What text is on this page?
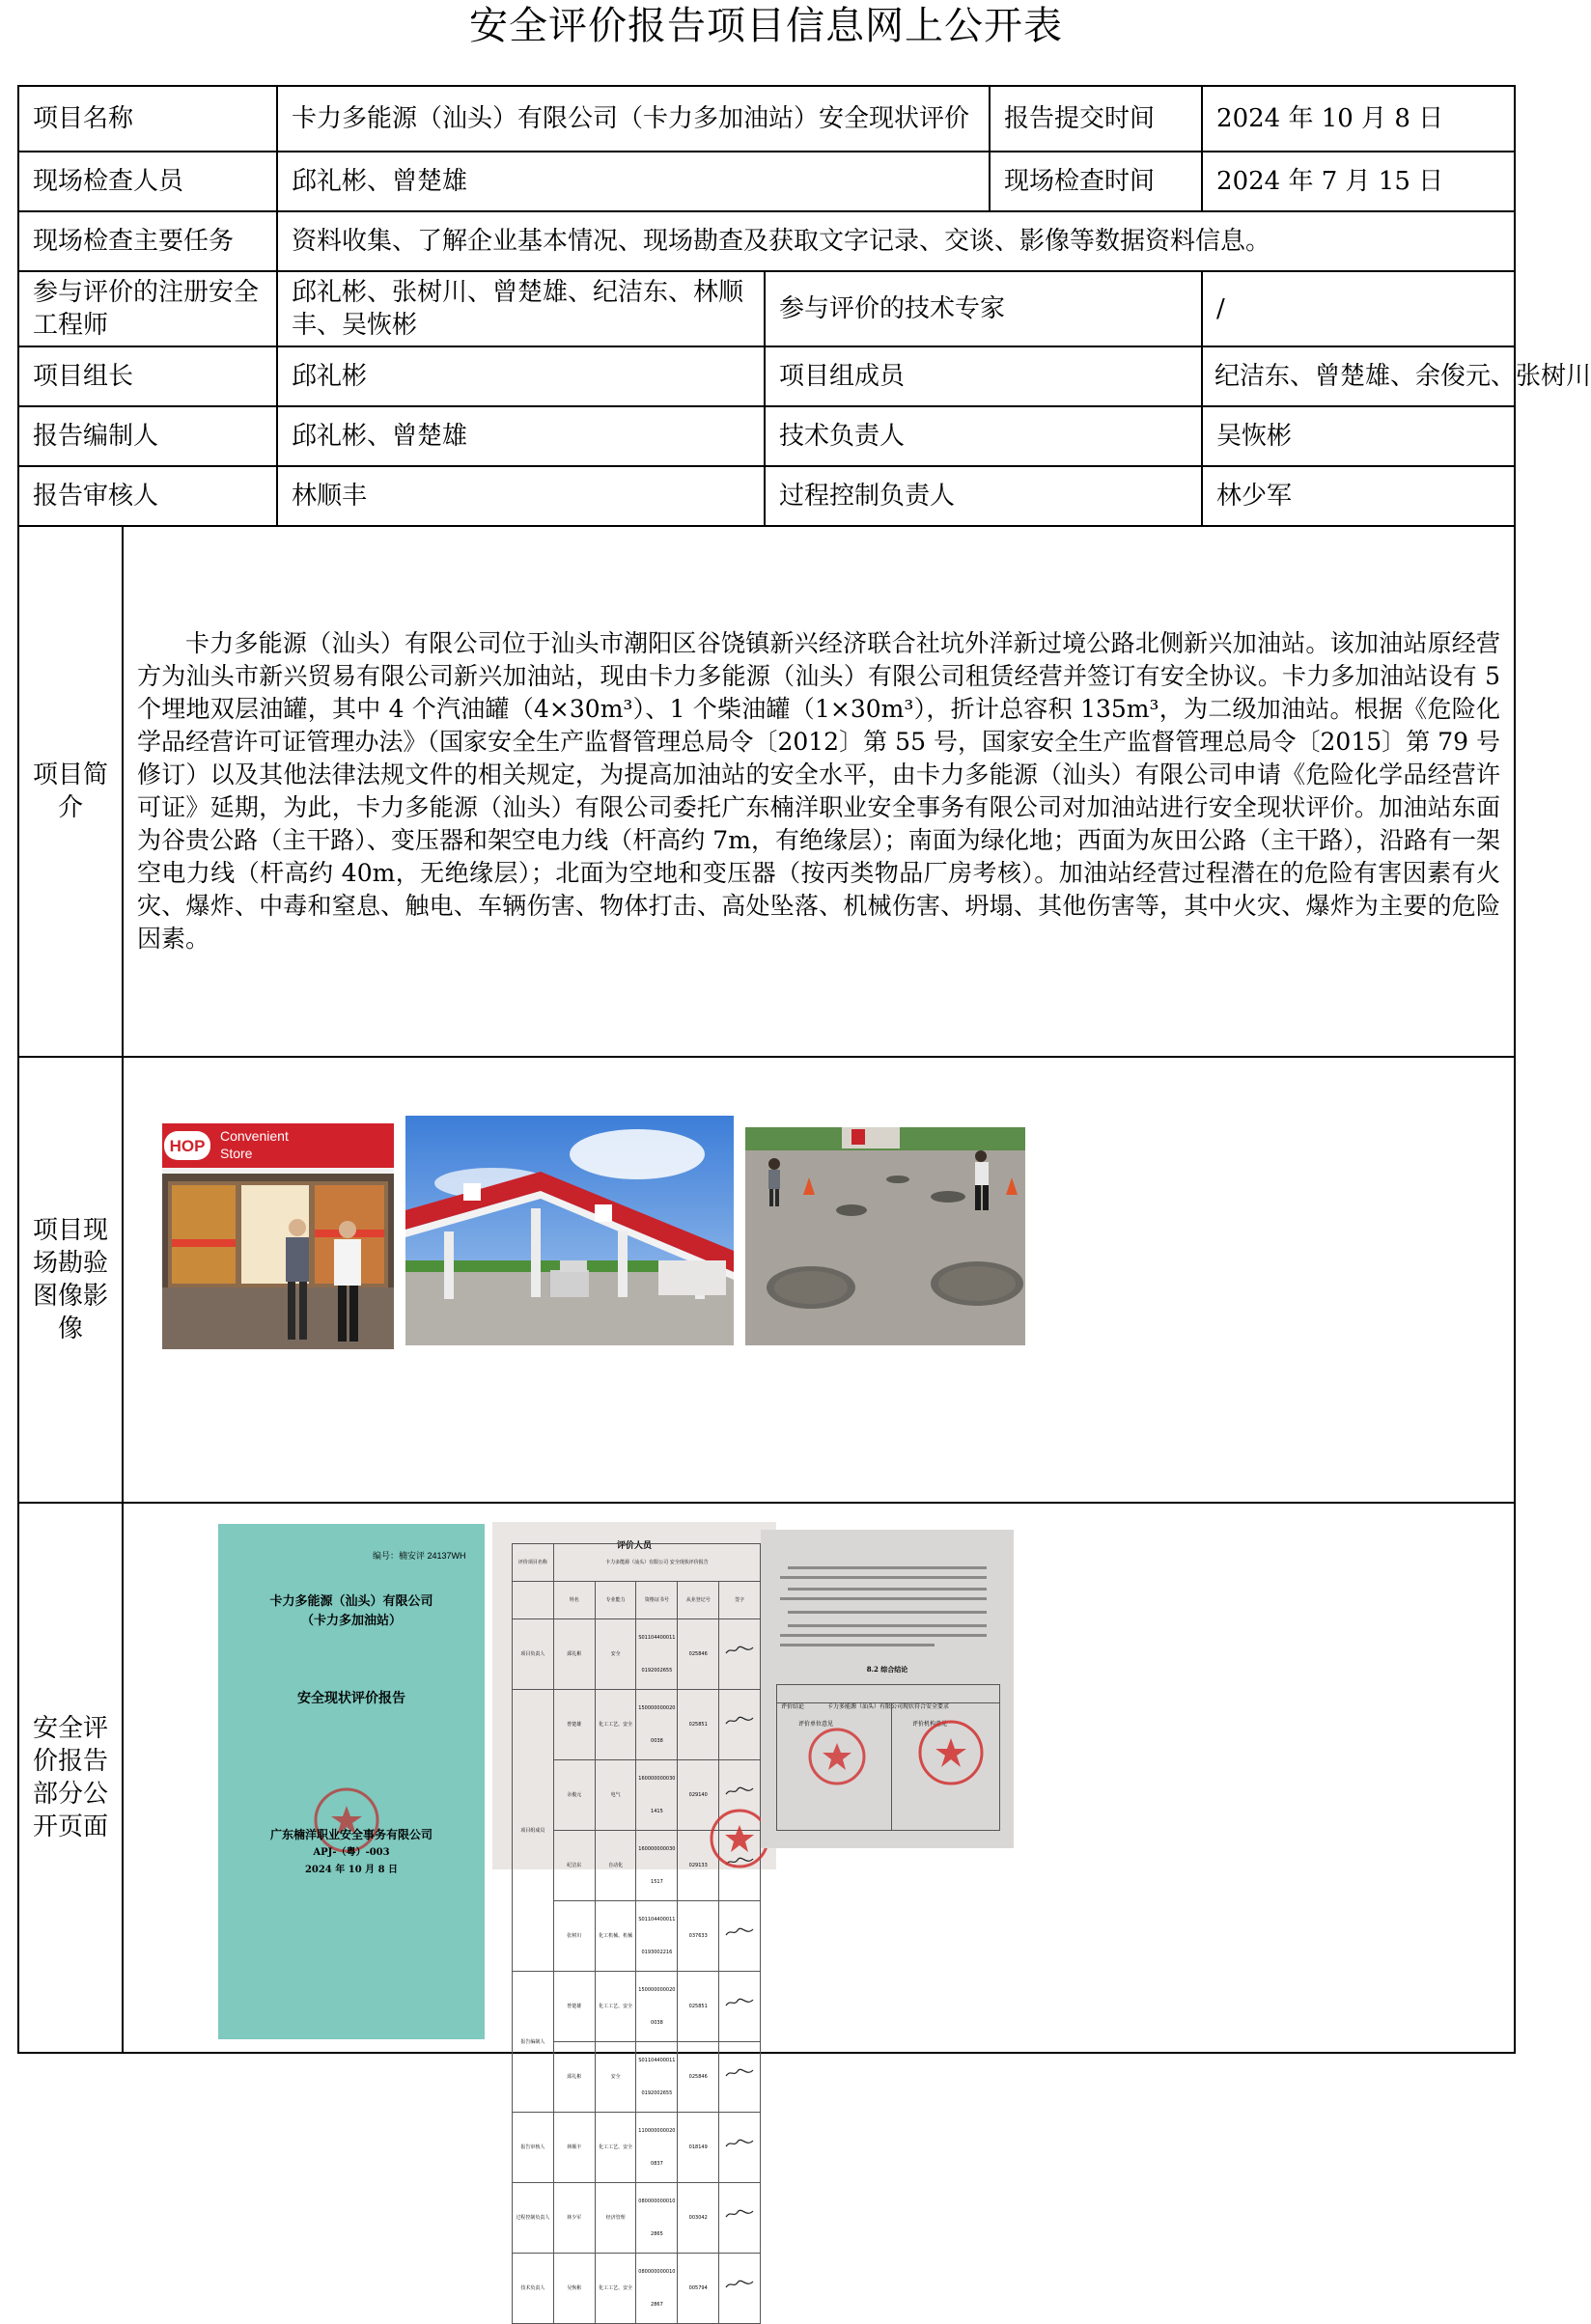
安全评价报告项目信息网上公开表
项目名称	卡力多能源（汕头）有限公司（卡力多加油站）安全现状评价	报告提交时间	2024 年 10 月 8 日
现场检查人员	邱礼彬、曾楚雄	现场检查时间	2024 年 7 月 15 日
现场检查主要任务	资料收集、了解企业基本情况、现场勘查及获取文字记录、交谈、影像等数据资料信息。
参与评价的注册安全工程师	邱礼彬、张树川、曾楚雄、纪洁东、林顺丰、吴恢彬	参与评价的技术专家	/
项目组长	邱礼彬	项目组成员	纪洁东、曾楚雄、余俊元、张树川
报告编制人	邱礼彬、曾楚雄	技术负责人	吴恢彬
报告审核人	林顺丰	过程控制负责人	林少军
项目简介	卡力多能源（汕头）有限公司位于汕头市潮阳区谷饶镇新兴经济联合社坑外洋新过境公路北侧新兴加油站。该加油站原经营方为汕头市新兴贸易有限公司新兴加油站，现由卡力多能源（汕头）有限公司租赁经营并签订有安全协议。卡力多加油站设有 5 个埋地双层油罐，其中 4 个汽油罐（4×30m³）、1 个柴油罐（1×30m³），折计总容积 135m³，为二级加油站。根据《危险化学品经营许可证管理办法》（国家安全生产监督管理总局令〔2012〕第 55 号，国家安全生产监督管理总局令〔2015〕第 79 号修订）以及其他法律法规文件的相关规定，为提高加油站的安全水平，由卡力多能源（汕头）有限公司申请《危险化学品经营许可证》延期，为此，卡力多能源（汕头）有限公司委托广东楠洋职业安全事务有限公司对加油站进行安全现状评价。加油站东面为谷贵公路（主干路）、变压器和架空电力线（杆高约 7m，有绝缘层）；南面为绿化地；西面为灰田公路（主干路），沿路有一架空电力线（杆高约 40m，无绝缘层）；北面为空地和变压器（按丙类物品厂房考核）。加油站经营过程潜在的危险有害因素有火灾、爆炸、中毒和窒息、触电、车辆伤害、物体打击、高处坠落、机械伤害、坍塌、其他伤害等，其中火灾、爆炸为主要的危险因素。
项目现场勘验图像影像	
HOP
Convenient
Store

安全评价报告部分公开页面	
编号：楠安评 24137WH
卡力多能源（汕头）有限公司
（卡力多加油站）
安全现状评价报告
广东楠洋职业安全事务有限公司
APJ-（粤）-003
2024 年 10 月 8 日
评价人员
评价项目名称	卡力多能源（汕头）有限公司 安全现状评价报告
	姓名	专业能力	资格证书号	从业登记号	签字
项目负责人	邱礼彬	安全	S011044000110192002655	025846	
项目组成员	曾楚雄	化工工艺、安全	1500000000200038	025851	
余俊元	电气	1600000000301415	029140	
纪洁东	自动化	1600000000301517	029133	
张树川	化工机械、机械	S011044000110193002216	037633	
报告编制人	曾楚雄	化工工艺、安全	1500000000200038	025851	
邱礼彬	安全	S011044000110192002655	025846	
报告审核人	林顺丰	化工工艺、安全	1100000000200837	018149	
过程控制负责人	林少军	经济管理	0800000000102865	003042	
技术负责人	吴恢彬	化工工艺、安全	0800000000102867	005794	
8.2 综合结论
评价结论	卡力多能源（汕头）有限公司现状符合安全要求
评价单位意见	评价机构意见
